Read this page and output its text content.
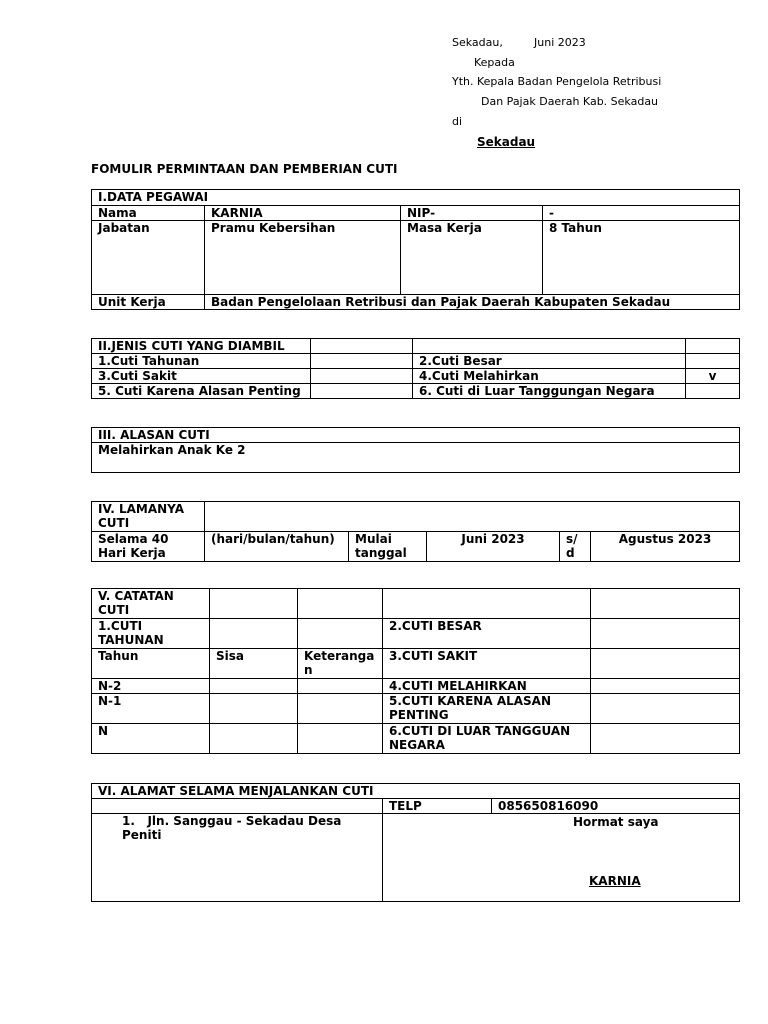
Sekadau,	Juni 2023
Kepada
Yth. Kepala Badan Pengelola Retribusi
Dan Pajak Daerah Kab. Sekadau
di
Sekadau
FOMULIR PERMINTAAN DAN PEMBERIAN CUTI
I.DATA PEGAWAI			
Nama	KARNIA	NIP-	-
Jabatan	Pramu Kebersihan	Masa Kerja	8 Tahun
Unit Kerja	Badan Pengelolaan Retribusi dan Pajak Daerah Kabupaten Sekadau		
II.JENIS CUTI YANG DIAMBIL			
1.Cuti Tahunan		2.Cuti Besar	
3.Cuti Sakit		4.Cuti Melahirkan	v
5. Cuti Karena Alasan Penting		6. Cuti di Luar Tanggungan Negara	
III. ALASAN CUTI
Melahirkan Anak Ke 2
IV. LAMANYA CUTI					
Selama 40 Hari Kerja	(hari/bulan/tahun)	Mulai tanggal	Juni 2023	s/d	Agustus 2023
V. CATATAN CUTI				
1.CUTI TAHUNAN			2.CUTI BESAR	
Tahun	Sisa	Keterangan	3.CUTI SAKIT	
N-2			4.CUTI MELAHIRKAN	
N-1			5.CUTI KARENA ALASAN PENTING	
N			6.CUTI DI LUAR TANGGUAN NEGARA	
VI. ALAMAT SELAMA MENJALANKAN CUTI		
	TELP	085650816090
1.   Jln. Sanggau - Sekadau Desa Peniti		
Hormat saya
KARNIA
